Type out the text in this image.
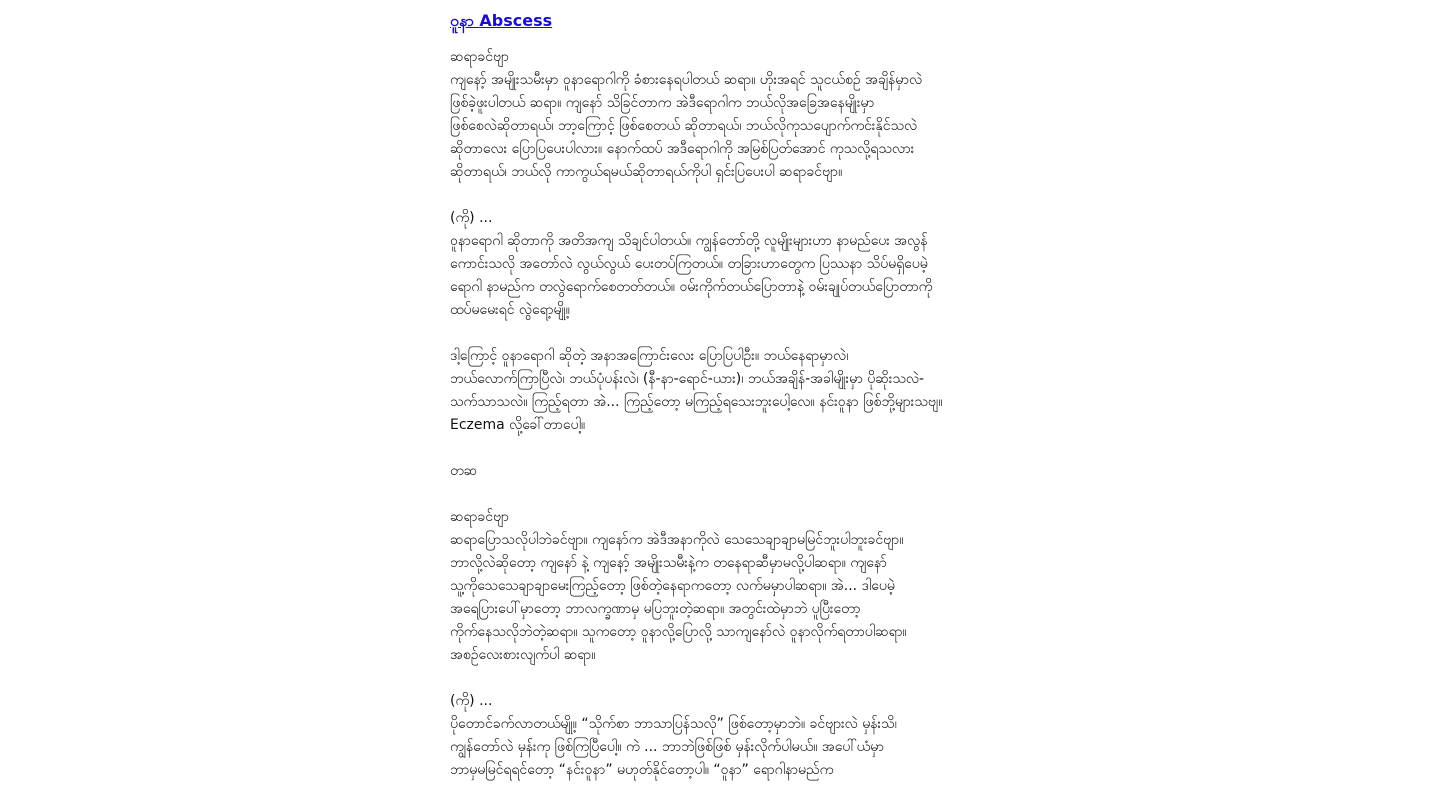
ဝူနာ Abscess

ဆရာခင်ဗျာ
ကျနော့် အမျိုးသမီးမှာ ဝူနာရောဂါကို ခံစားနေရပါတယ် ဆရာ။ ဟိုးအရင် သူငယ်စဉ် အချိန်မှာလဲ
ဖြစ်ခဲ့ဖူးပါတယ် ဆရာ။ ကျနော် သိခြင်တာက အဲဒီရောဂါက ဘယ်လိုအခြေအနေမျိုးမှာ
ဖြစ်စေလဲဆိုတာရယ်၊ ဘာ့ကြောင့် ဖြစ်စေတယ် ဆိုတာရယ်၊ ဘယ်လိုကုသပျောက်ကင်းနိုင်သလဲ
ဆိုတာလေး ပြောပြပေးပါလား။ နောက်ထပ် အဒီရောဂါကို အမြစ်ပြတ်အောင် ကုသလို့ရသလား
ဆိုတာရယ်၊ ဘယ်လို ကာကွယ်ရမယ်ဆိုတာရယ်ကိုပါ ရှင်းပြပေးပါ ဆရာခင်ဗျာ။

(ကို) ...
ဝူနာရောဂါ ဆိုတာကို အတိအကျ သိချင်ပါတယ်။ ကျွန်တော်တို့ လူမျိုးများဟာ နာမည်ပေး အလွန်
ကောင်းသလို အတော်လဲ လွယ်လွယ် ပေးတပ်ကြတယ်။ တခြားဟာတွေက ပြဿနာ သိပ်မရှိပေမဲ့
ရောဂါ နာမည်က တလွဲရောက်စေတတ်တယ်။ ဝမ်းကိုက်တယ်ပြောတာနဲ့ ဝမ်းချုပ်တယ်ပြောတာကို
ထပ်မမေးရင် လွဲရော့မျို့။

ဒါ့ကြောင့် ဝူနာရောဂါ ဆိုတဲ့ အနာအကြောင်းလေး ပြောပြပါဦး။ ဘယ်နေရာမှာလဲ၊
ဘယ်လောက်ကြာပြီလဲ၊ ဘယ်ပုံပန်းလဲ၊ (နီ-နာ-ရောင်-ယား)၊ ဘယ်အချိန်-အခါမျိုးမှာ ပိုဆိုးသလဲ-
သက်သာသလဲ။ ကြည့်ရတာ အဲ... ကြည့်တော့ မကြည့်ရသေးဘူးပေါ့လေ။ နင်းဝူနာ ဖြစ်ဘို့များသဗျ။
Eczema လို့ခေါ်တာပေါ့။

တဆ

ဆရာခင်ဗျာ
ဆရာပြောသလိုပါဘဲခင်ဗျာ။ ကျနော်က အဲဒီအနာကိုလဲ သေသေချာချာမမြင်ဘူးပါဘူးခင်ဗျာ။
ဘာလို့လဲဆိုတော့ ကျနော် နဲ့ ကျနော့် အမျိုးသမီးနဲ့က တနေရာဆီမှာမလို့ပါဆရာ။ ကျနော်
သူ့ကိုသေသေချာချာမေးကြည့်တော့ ဖြစ်တဲ့နေရာကတော့ လက်မမှာပါဆရာ။ အဲ... ဒါပေမဲ့
အရေပြားပေါ်မှာတော့ ဘာလက္ခဏာမှ မပြဘူးတဲ့ဆရာ။ အတွင်းထဲမှာဘဲ ပူပြီးတော့
ကိုက်နေသလိုဘဲတဲ့ဆရာ။ သူကတော့ ဝူနာလို့ပြောလို့ သာကျနော်လဲ ဝူနာလိုက်ရတာပါဆရာ။
အစဉ်လေးစားလျက်ပါ ဆရာ။

(ကို) ...
ပိုတောင်ခက်လာတယ်မျို့။ “သိုက်စာ ဘာသာပြန်သလို” ဖြစ်တော့မှာဘဲ။ ခင်ဗျားလဲ မှန်းသိ၊
ကျွန်တော်လဲ မှန်းကု ဖြစ်ကြပြီပေါ့။ ကဲ ... ဘာဘဲဖြစ်ဖြစ် မှန်းလိုက်ပါမယ်။ အပေါ်ယံမှာ
ဘာမှမမြင်ရရင်တော့ “နင်းဝူနာ” မဟုတ်နိုင်တော့ပါ။ “ဝူနာ” ရောဂါနာမည်က
